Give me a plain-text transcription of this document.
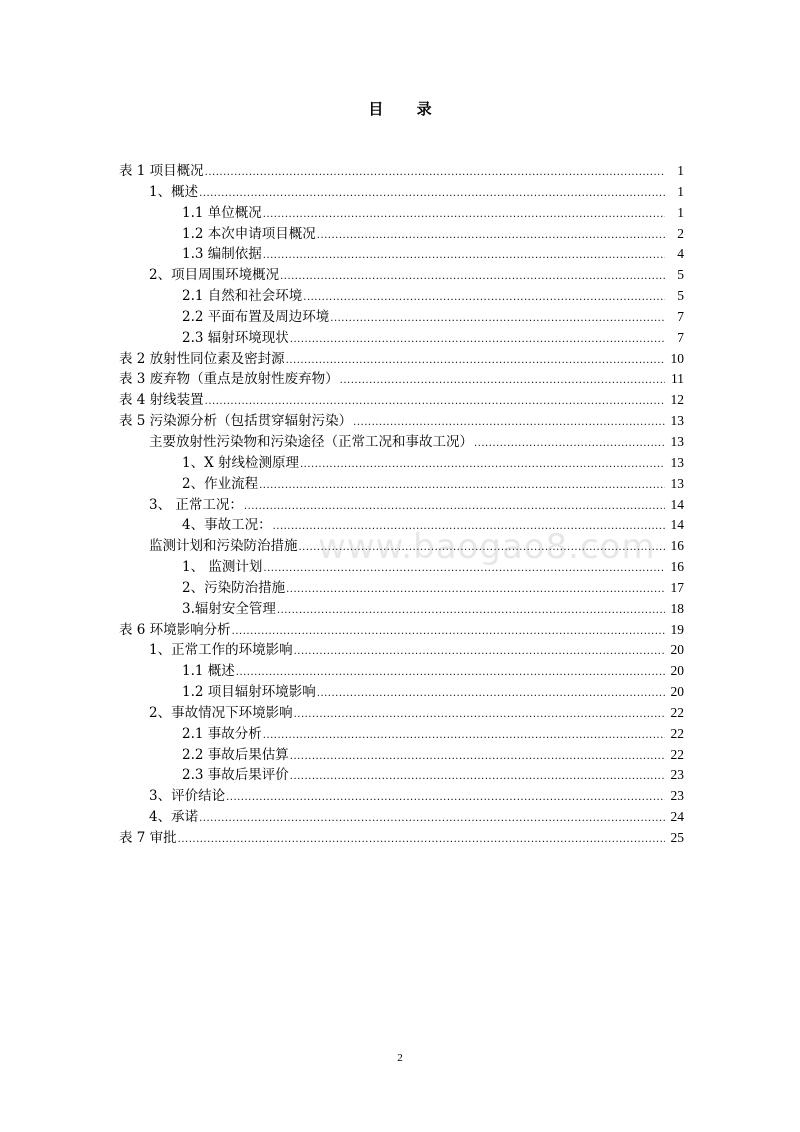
目 录
表 1 项目概况 .....	1
1、概述 .....	1
1.1 单位概况 .....	1
1.2 本次申请项目概况 .....	2
1.3 编制依据 .....	4
2、项目周围环境概况 .....	5
2.1 自然和社会环境 .....	5
2.2 平面布置及周边环境 .....	7
2.3 辐射环境现状 .....	7
表 2 放射性同位素及密封源 .....	10
表 3 废弃物（重点是放射性废弃物） .....	11
表 4 射线装置 .....	12
表 5 污染源分析（包括贯穿辐射污染） .....	13
主要放射性污染物和污染途径（正常工况和事故工况） .....	13
1、X 射线检测原理 .....	13
2、作业流程 .....	13
3、 正常工况： .....	14
4、事故工况： .....	14
监测计划和污染防治措施 .....	16
1、 监测计划 .....	16
2、污染防治措施 .....	17
3.辐射安全管理 .....	18
表 6 环境影响分析 .....	19
1、正常工作的环境影响 .....	20
1.1 概述 .....	20
1.2 项目辐射环境影响 .....	20
2、事故情况下环境影响 .....	22
2.1 事故分析 .....	22
2.2 事故后果估算 .....	22
2.3 事故后果评价 .....	23
3、评价结论 .....	23
4、承诺 .....	24
表 7 审批 .....	25
www.baogao8.com
2
